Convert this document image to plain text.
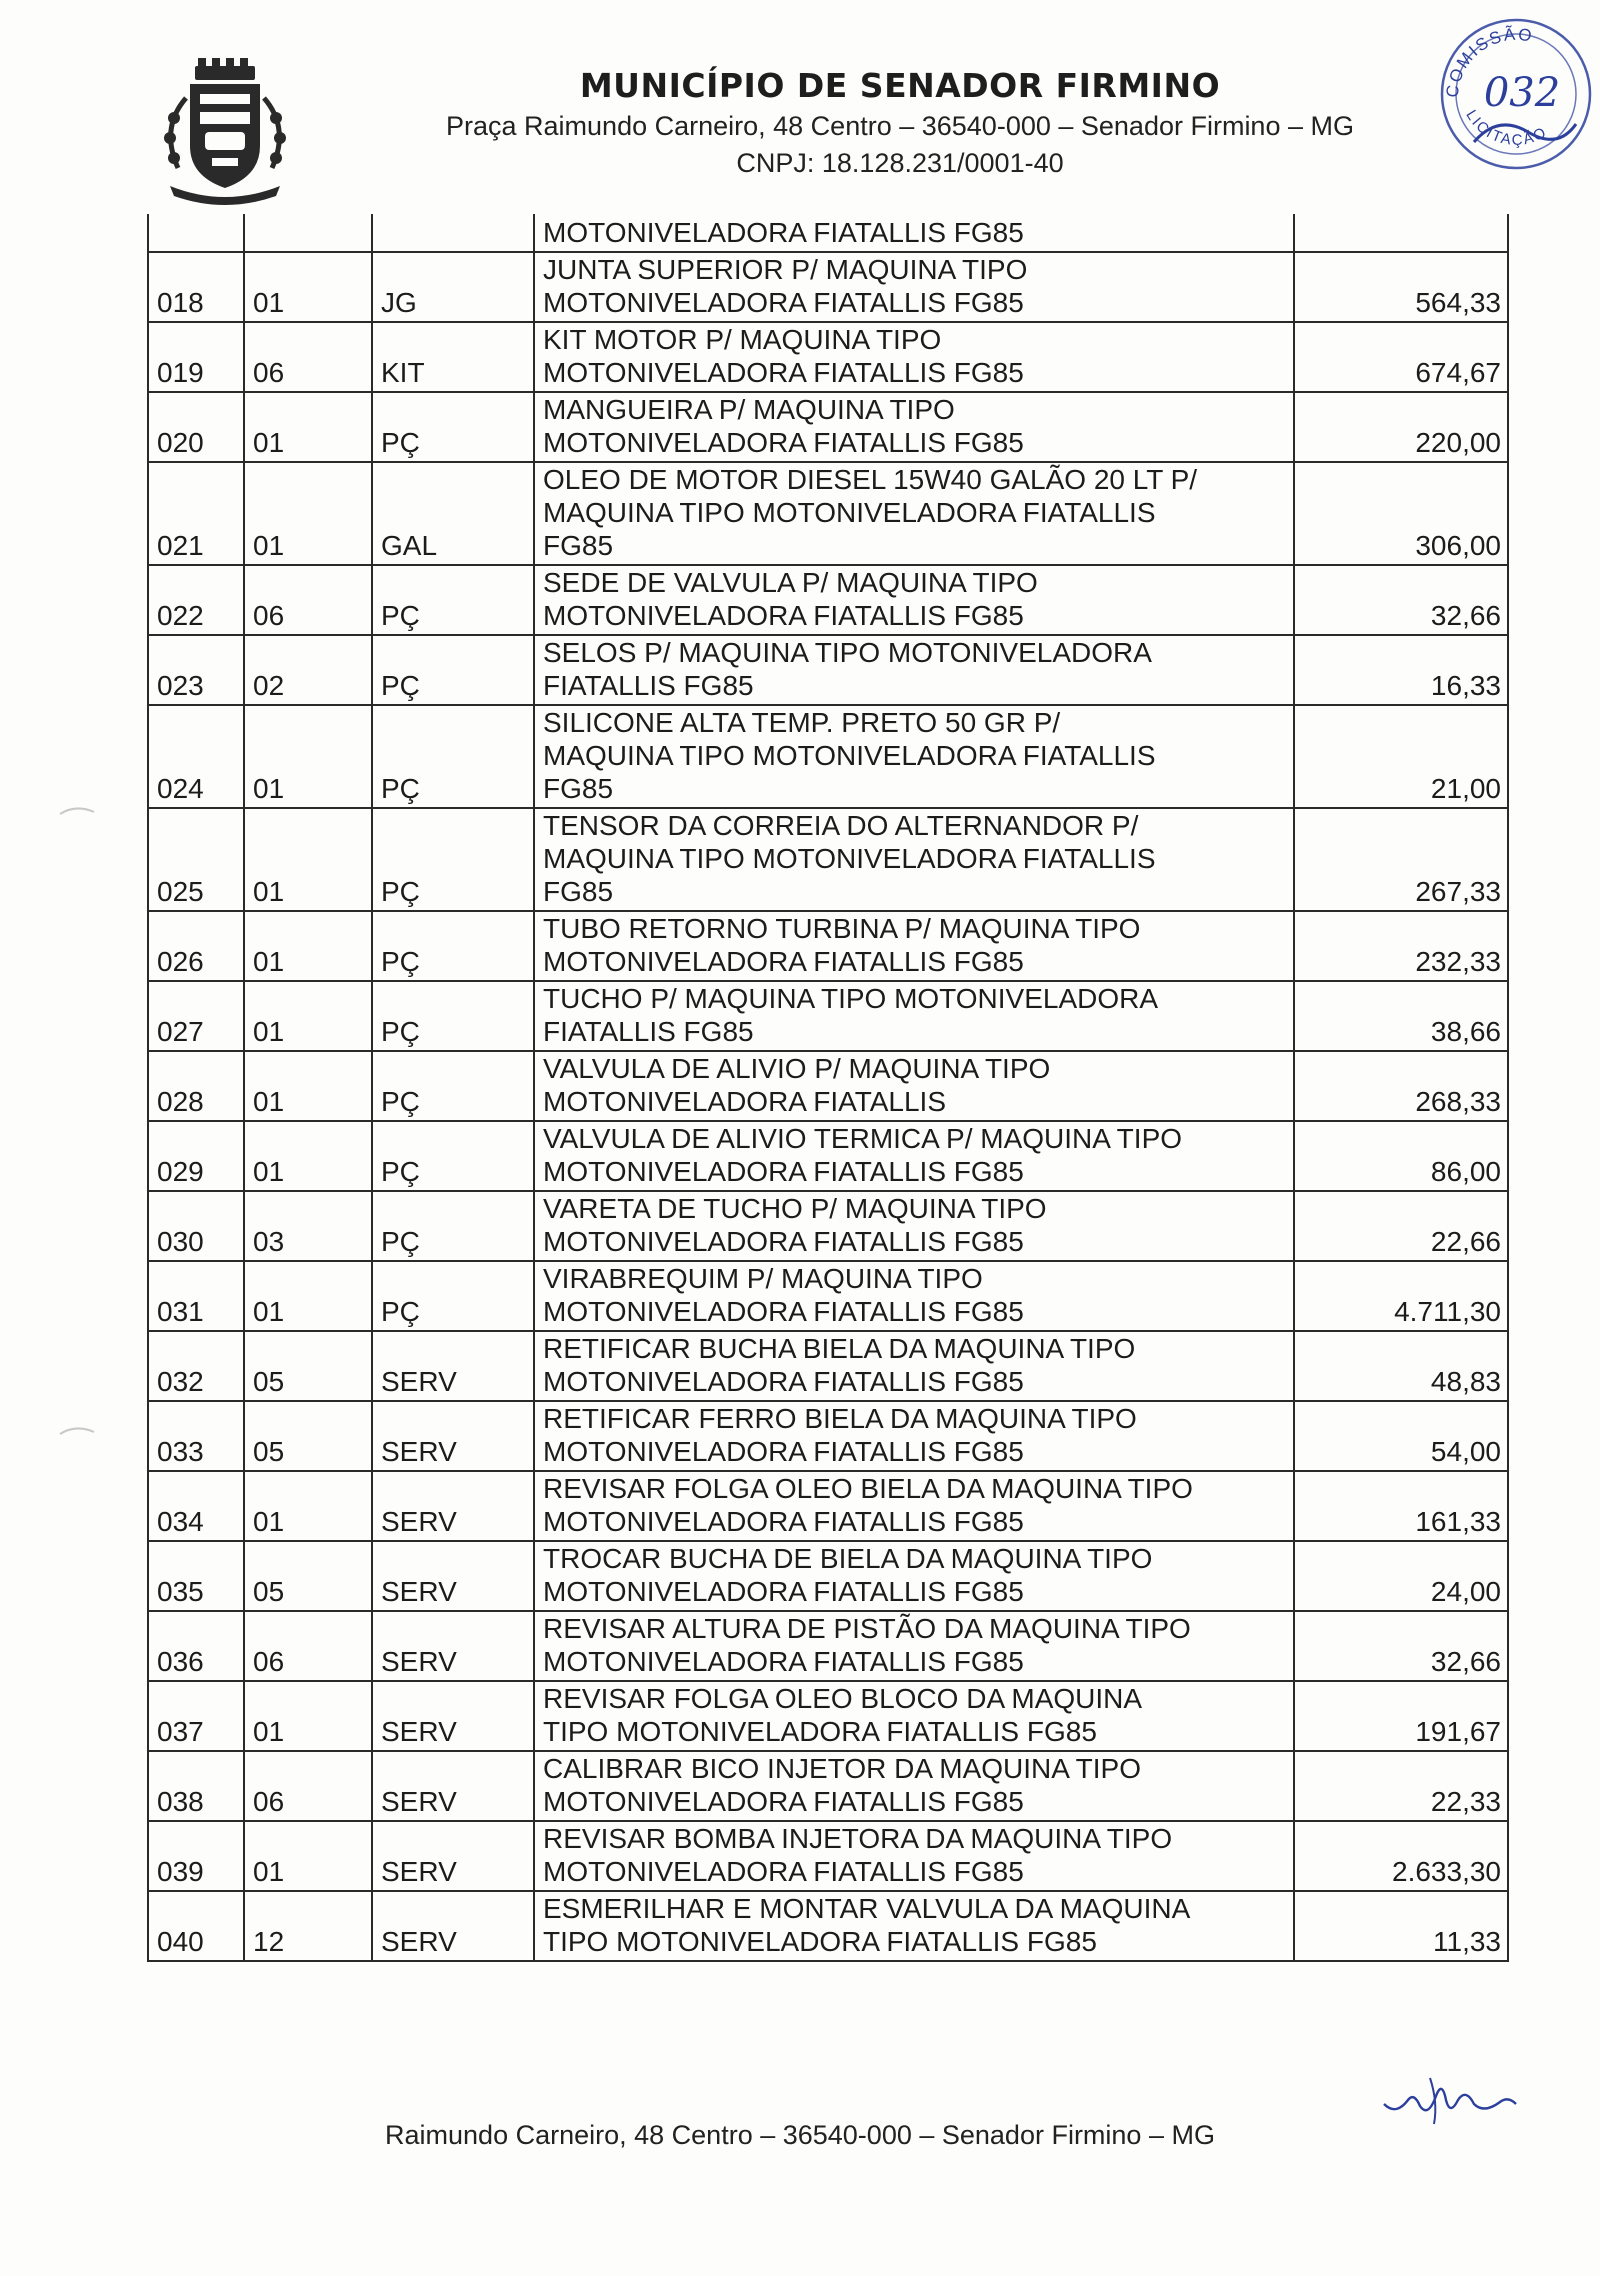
MUNICÍPIO DE SENADOR FIRMINO
Praça Raimundo Carneiro, 48 Centro – 36540-000 – Senador Firmino – MG
CNPJ: 18.128.231/0001-40
COMISSÃO
LICITAÇÃO
032
			MOTONIVELADORA FIATALLIS FG85	
018	01	JG	JUNTA SUPERIOR P/ MAQUINA TIPO
MOTONIVELADORA FIATALLIS FG85	564,33
019	06	KIT	KIT MOTOR P/ MAQUINA TIPO
MOTONIVELADORA FIATALLIS FG85	674,67
020	01	PÇ	MANGUEIRA P/ MAQUINA TIPO
MOTONIVELADORA FIATALLIS FG85	220,00
021	01	GAL	OLEO DE MOTOR DIESEL 15W40 GALÃO 20 LT P/
MAQUINA TIPO MOTONIVELADORA FIATALLIS
FG85	306,00
022	06	PÇ	SEDE DE VALVULA P/ MAQUINA TIPO
MOTONIVELADORA FIATALLIS FG85	32,66
023	02	PÇ	SELOS P/ MAQUINA TIPO MOTONIVELADORA
FIATALLIS FG85	16,33
024	01	PÇ	SILICONE ALTA TEMP. PRETO 50 GR P/
MAQUINA TIPO MOTONIVELADORA FIATALLIS
FG85	21,00
025	01	PÇ	TENSOR DA CORREIA DO ALTERNANDOR P/
MAQUINA TIPO MOTONIVELADORA FIATALLIS
FG85	267,33
026	01	PÇ	TUBO RETORNO TURBINA P/ MAQUINA TIPO
MOTONIVELADORA FIATALLIS FG85	232,33
027	01	PÇ	TUCHO P/ MAQUINA TIPO MOTONIVELADORA
FIATALLIS FG85	38,66
028	01	PÇ	VALVULA DE ALIVIO P/ MAQUINA TIPO
MOTONIVELADORA FIATALLIS	268,33
029	01	PÇ	VALVULA DE ALIVIO TERMICA P/ MAQUINA TIPO
MOTONIVELADORA FIATALLIS FG85	86,00
030	03	PÇ	VARETA DE TUCHO P/ MAQUINA TIPO
MOTONIVELADORA FIATALLIS FG85	22,66
031	01	PÇ	VIRABREQUIM P/ MAQUINA TIPO
MOTONIVELADORA FIATALLIS FG85	4.711,30
032	05	SERV	RETIFICAR BUCHA BIELA DA MAQUINA TIPO
MOTONIVELADORA FIATALLIS FG85	48,83
033	05	SERV	RETIFICAR FERRO BIELA DA MAQUINA TIPO
MOTONIVELADORA FIATALLIS FG85	54,00
034	01	SERV	REVISAR FOLGA OLEO BIELA DA MAQUINA TIPO
MOTONIVELADORA FIATALLIS FG85	161,33
035	05	SERV	TROCAR BUCHA DE BIELA DA MAQUINA TIPO
MOTONIVELADORA FIATALLIS FG85	24,00
036	06	SERV	REVISAR ALTURA DE PISTÃO DA MAQUINA TIPO
MOTONIVELADORA FIATALLIS FG85	32,66
037	01	SERV	REVISAR FOLGA OLEO BLOCO DA MAQUINA
TIPO MOTONIVELADORA FIATALLIS FG85	191,67
038	06	SERV	CALIBRAR BICO INJETOR DA MAQUINA TIPO
MOTONIVELADORA FIATALLIS FG85	22,33
039	01	SERV	REVISAR BOMBA INJETORA DA MAQUINA TIPO
MOTONIVELADORA FIATALLIS FG85	2.633,30
040	12	SERV	ESMERILHAR E MONTAR VALVULA DA MAQUINA
TIPO MOTONIVELADORA FIATALLIS FG85	11,33
Raimundo Carneiro, 48 Centro – 36540-000 – Senador Firmino – MG
